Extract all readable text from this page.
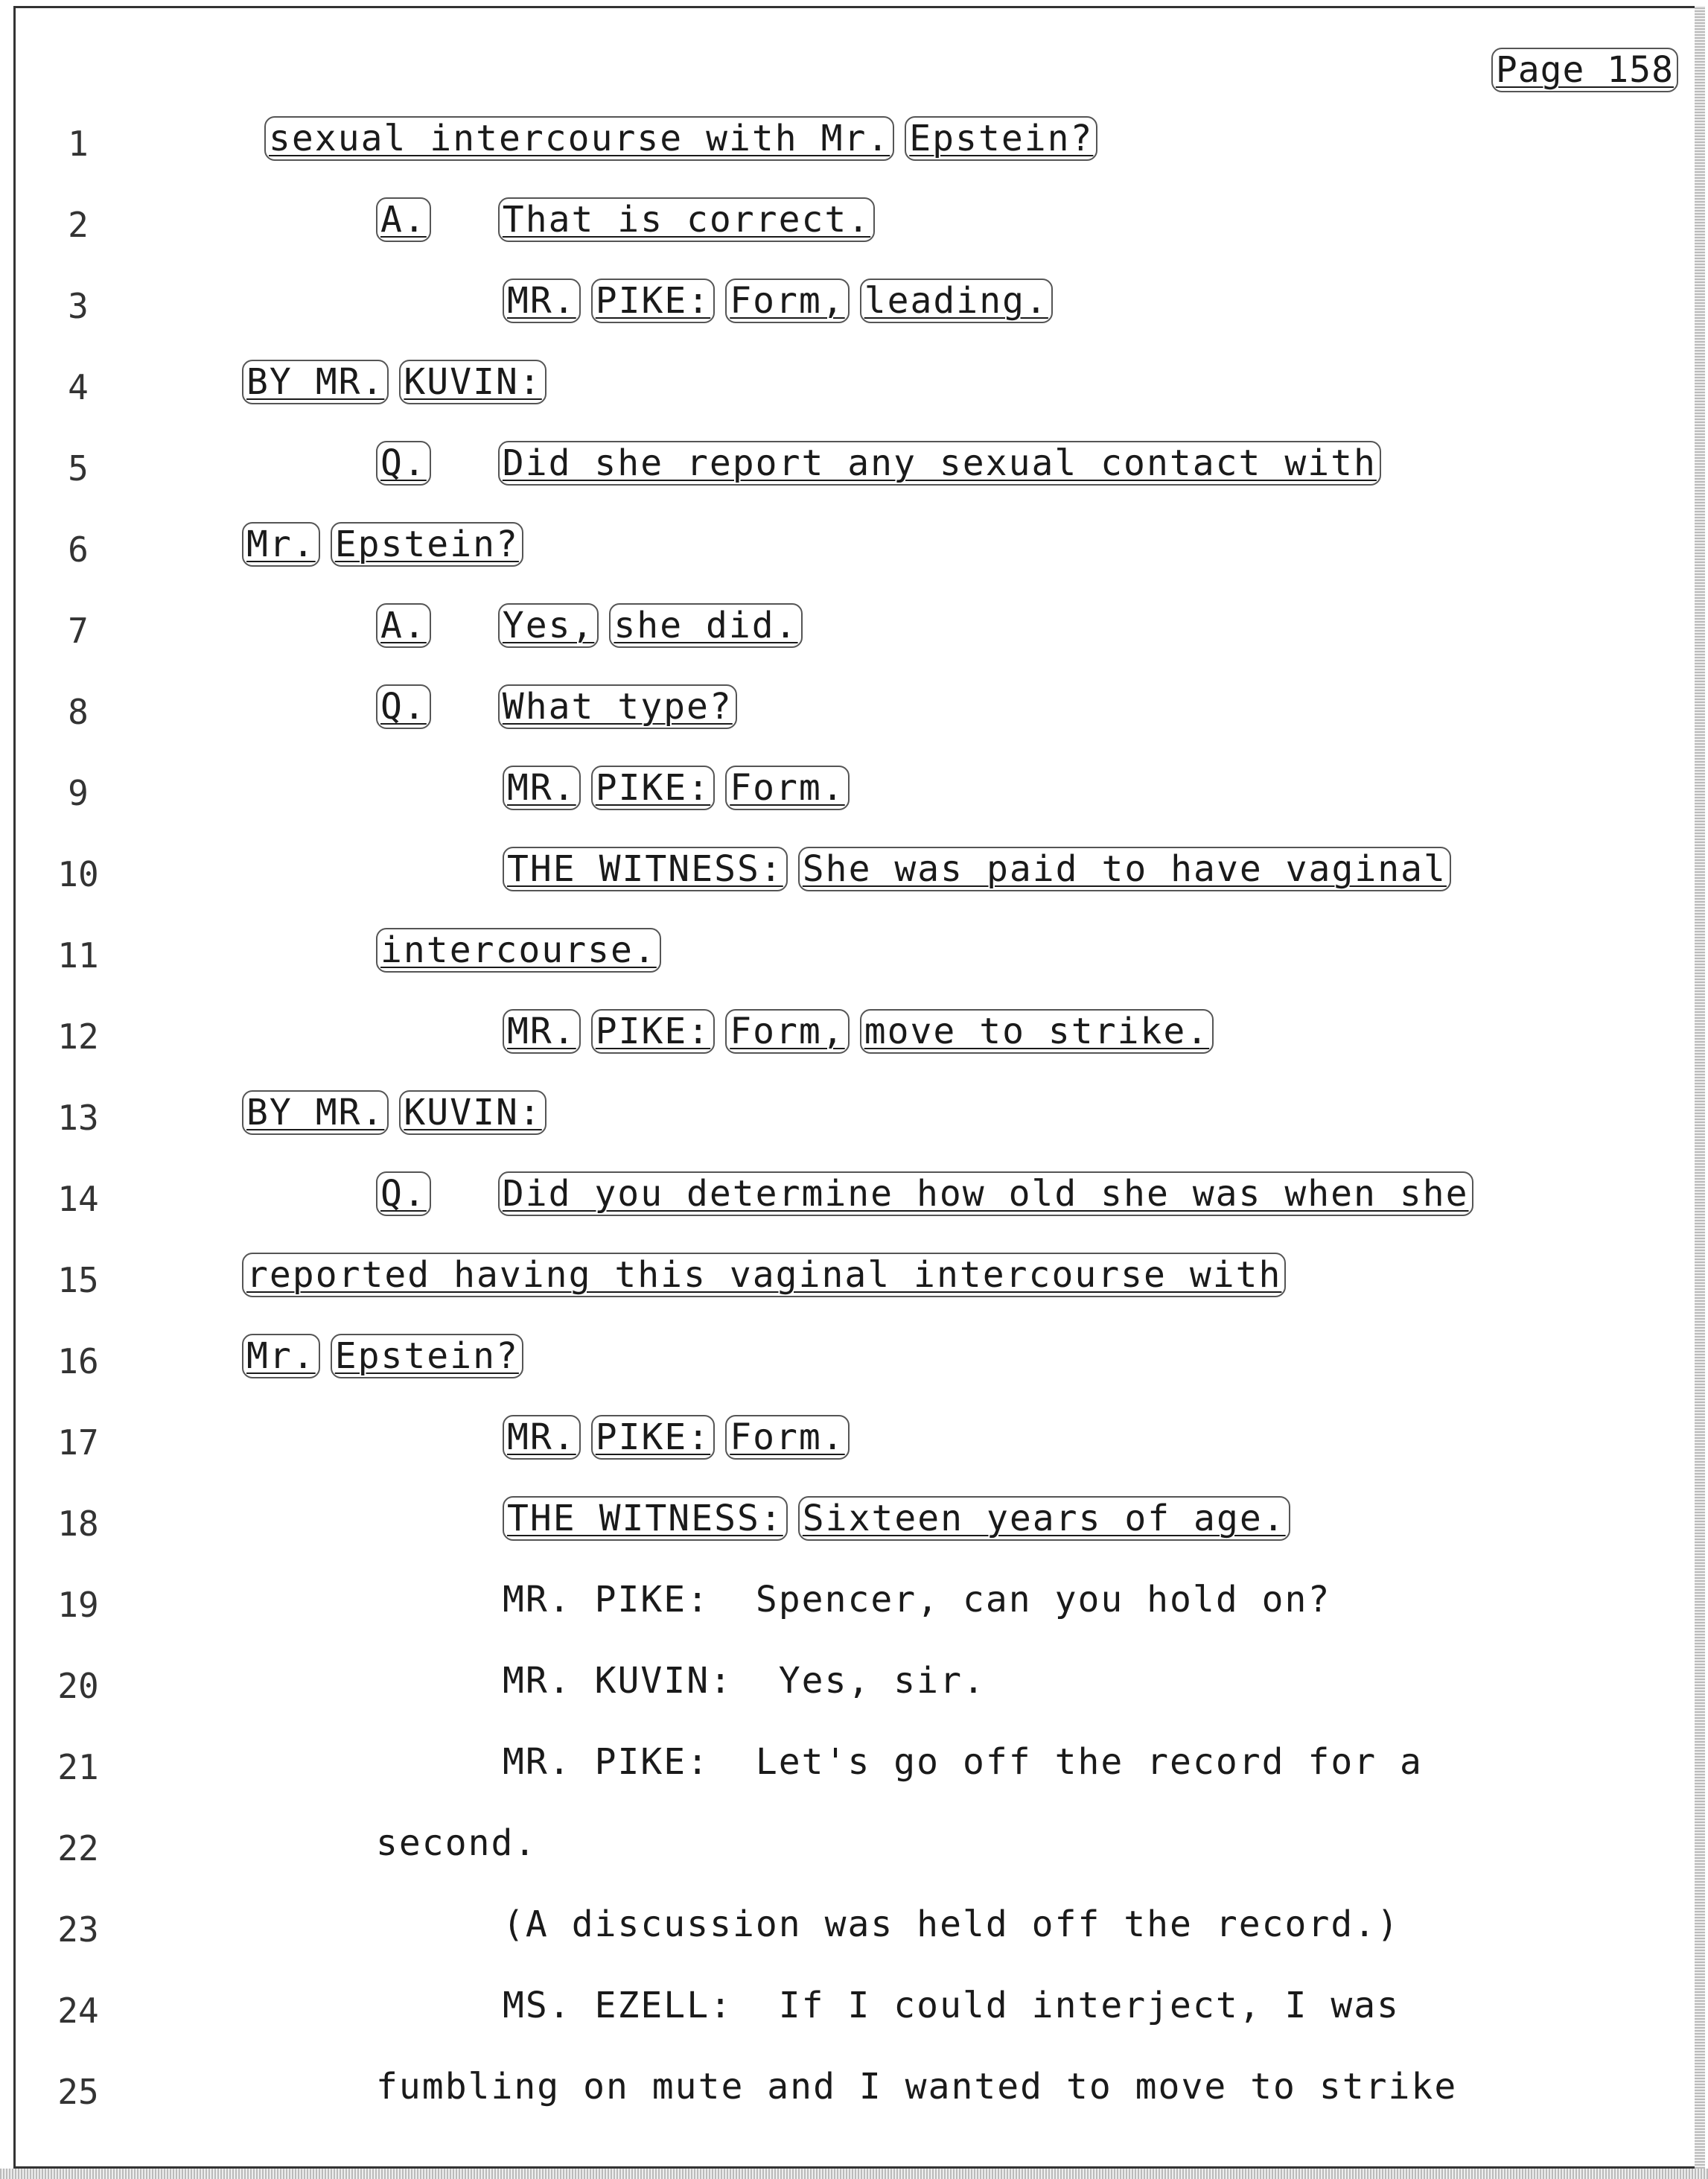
Page 158
1	sexual intercourse with Mr. Epstein?
2	A. That is correct.
3	MR. PIKE: Form, leading.
4	BY MR. KUVIN:
5	Q. Did she report any sexual contact with
6	Mr. Epstein?
7	A. Yes, she did.
8	Q. What type?
9	MR. PIKE: Form.
10	THE WITNESS: She was paid to have vaginal
11	intercourse.
12	MR. PIKE: Form, move to strike.
13	BY MR. KUVIN:
14	Q. Did you determine how old she was when she
15	reported having this vaginal intercourse with
16	Mr. Epstein?
17	MR. PIKE: Form.
18	THE WITNESS: Sixteen years of age.
19	MR. PIKE:  Spencer, can you hold on?
20	MR. KUVIN:  Yes, sir.
21	MR. PIKE:  Let's go off the record for a
22	second.
23	(A discussion was held off the record.)
24	MS. EZELL:  If I could interject, I was
25	fumbling on mute and I wanted to move to strike
